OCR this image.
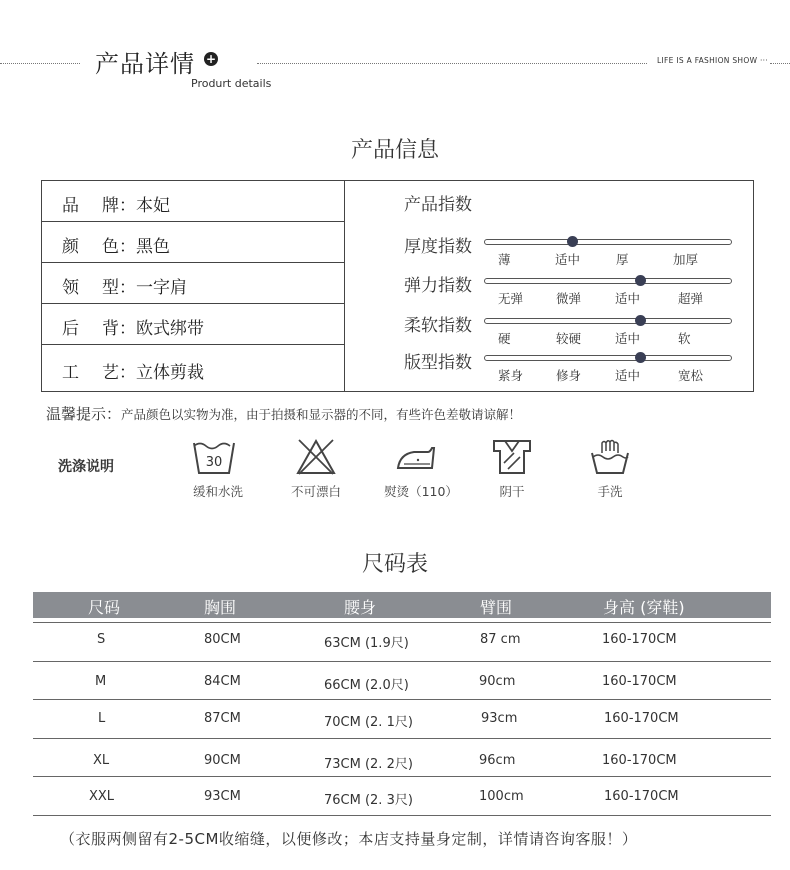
产品详情 +
Produrt details
LIFE IS A FASHION SHOW ···
产品信息
品 牌： 本妃
颜 色： 黑色
领 型： 一字肩
后 背： 欧式绑带
工 艺： 立体剪裁
产品指数
厚度指数
薄	适中	厚	加厚
弹力指数
无弹	微弹	适中	超弹
柔软指数
硬	较硬	适中	软
版型指数
紧身	修身	适中	宽松
温馨提示：产品颜色以实物为准，由于拍摄和显示器的不同，有些许色差敬请谅解！
洗涤说明	30
缓和水洗	不可漂白	熨烫（110）	阴干	手洗
尺码表
尺码	胸围	腰身	臂围	身高 (穿鞋)
S	80CM	63CM (1.9尺)	87 cm	160-170CM
M	84CM	66CM (2.0尺)	90cm	160-170CM
L	87CM	70CM (2. 1尺)	93cm	160-170CM
XL	90CM	73CM (2. 2尺)	96cm	160-170CM
XXL	93CM	76CM (2. 3尺)	100cm	160-170CM
（衣服两侧留有2-5CM收缩缝，以便修改；本店支持量身定制，详情请咨询客服！）
